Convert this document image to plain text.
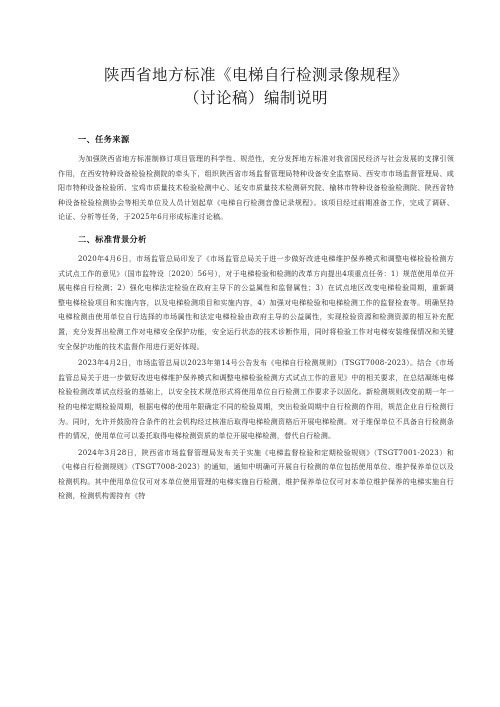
陕西省地方标准《电梯自行检测录像规程》
（讨论稿）编制说明
一、任务来源

为加强陕西省地方标准制修订项目管理的科学性、规范性，充分发挥地方标准对我省国民经济与社会发展的支撑引领作用，在西安特种设备检验检测院的牵头下，组织陕西省市场监督管理局特种设备安全监察局、西安市市场监督管理局、咸阳市特种设备检验所、宝鸡市质量技术检验检测中心、延安市质量技术检测研究院、榆林市特种设备检验检测院、陕西省特种设备检验检测协会等相关单位及人员计划起草《电梯自行检测音像记录规程》。该项目经过前期准备工作，完成了调研、论证、分析等任务，于2025年6月形成标准讨论稿。

二、标准背景分析

2020年4月6日，市场监管总局印发了《市场监管总局关于进一步做好改进电梯维护保养模式和调整电梯检验检测方式试点工作的意见》（国市监特设〔2020〕56号），对于电梯检验和检测的改革方向提出4项重点任务：1）规范使用单位开展电梯自行检测；2）强化电梯法定检验在政府主导下的公益属性和监督属性；3）在试点地区改变电梯检验周期，重新调整电梯检验项目和实施内容，以及电梯检测项目和实施内容，4）加强对电梯检验和电梯检测工作的监督检查等。明确坚持电梯检测由使用单位自行选择的市场属性和法定电梯检验由政府主导的公益属性，实现检验资源和检测资源的相互补充配置，充分发挥出检测工作对电梯安全保护功能，安全运行状态的技术诊断作用，同时将检验工作对电梯安装维保情况和关键安全保护功能的技术监督作用进行更好体现。

2023年4月2日，市场监管总局以2023年第14号公告发布《电梯自行检测规则》（TSGT7008-2023）。结合《市场监管总局关于进一步做好改进电梯维护保养模式和调整电梯检验检测方式试点工作的意见》中的相关要求，在总结凝练电梯检验检测改革试点经验的基础上，以安全技术规范形式将使用单位自行检测工作要求予以固化。新检测规则改变前期一年一检的电梯定期检验周期，根据电梯的使用年限确定不同的检验周期，突出检验周期中自行检测的作用，规范企业自行检测行为。同时，允许并鼓励符合条件的社会机构经过核准后取得电梯检测资格后开展电梯检测。对于维保单位不具备自行检测条件的情况，使用单位可以委托取得电梯检测资质的单位开展电梯检测，替代自行检测。

2024年3月28日，陕西省市场监督管理局发布关于实施《电梯监督检验和定期检验规则》（TSGT7001-2023）和《电梯自行检测规则》（TSGT7008-2023）的通知，通知中明确可开展自行检测的单位包括使用单位、维护保养单位以及检测机构。其中使用单位仅可对本单位使用管理的电梯实施自行检测，维护保养单位仅可对本单位维护保养的电梯实施自行检测，检测机构需持有《特
